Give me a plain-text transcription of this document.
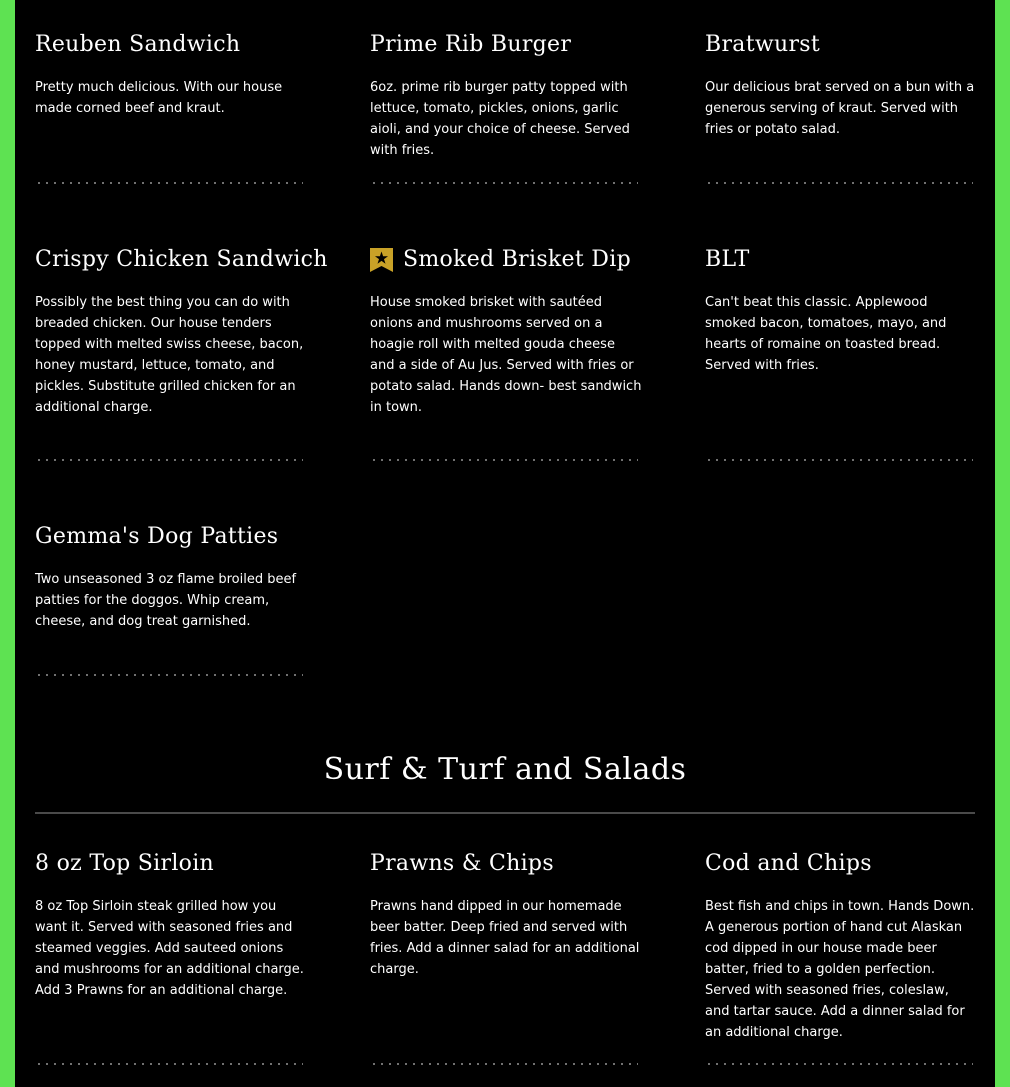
Reuben Sandwich

Pretty much delicious. With our house made corned beef and kraut.

Prime Rib Burger

6oz. prime rib burger patty topped with lettuce, tomato, pickles, onions, garlic aioli, and your choice of cheese. Served with fries.

Bratwurst

Our delicious brat served on a bun with a generous serving of kraut. Served with fries or potato salad.

Crispy Chicken Sandwich

Possibly the best thing you can do with breaded chicken. Our house tenders topped with melted swiss cheese, bacon, honey mustard, lettuce, tomato, and pickles. Substitute grilled chicken for an additional charge.

Smoked Brisket Dip

House smoked brisket with sautéed onions and mushrooms served on a hoagie roll with melted gouda cheese and a side of Au Jus. Served with fries or potato salad. Hands down- best sandwich in town.

BLT

Can't beat this classic. Applewood smoked bacon, tomatoes, mayo, and hearts of romaine on toasted bread. Served with fries.

Gemma's Dog Patties

Two unseasoned 3 oz flame broiled beef patties for the doggos. Whip cream, cheese, and dog treat garnished.

Surf & Turf and Salads
8 oz Top Sirloin

8 oz Top Sirloin steak grilled how you want it. Served with seasoned fries and steamed veggies. Add sauteed onions and mushrooms for an additional charge. Add 3 Prawns for an additional charge.

Prawns & Chips

Prawns hand dipped in our homemade beer batter. Deep fried and served with fries. Add a dinner salad for an additional charge.

Cod and Chips

Best fish and chips in town. Hands Down. A generous portion of hand cut Alaskan cod dipped in our house made beer batter, fried to a golden perfection. Served with seasoned fries, coleslaw, and tartar sauce. Add a dinner salad for an additional charge.
